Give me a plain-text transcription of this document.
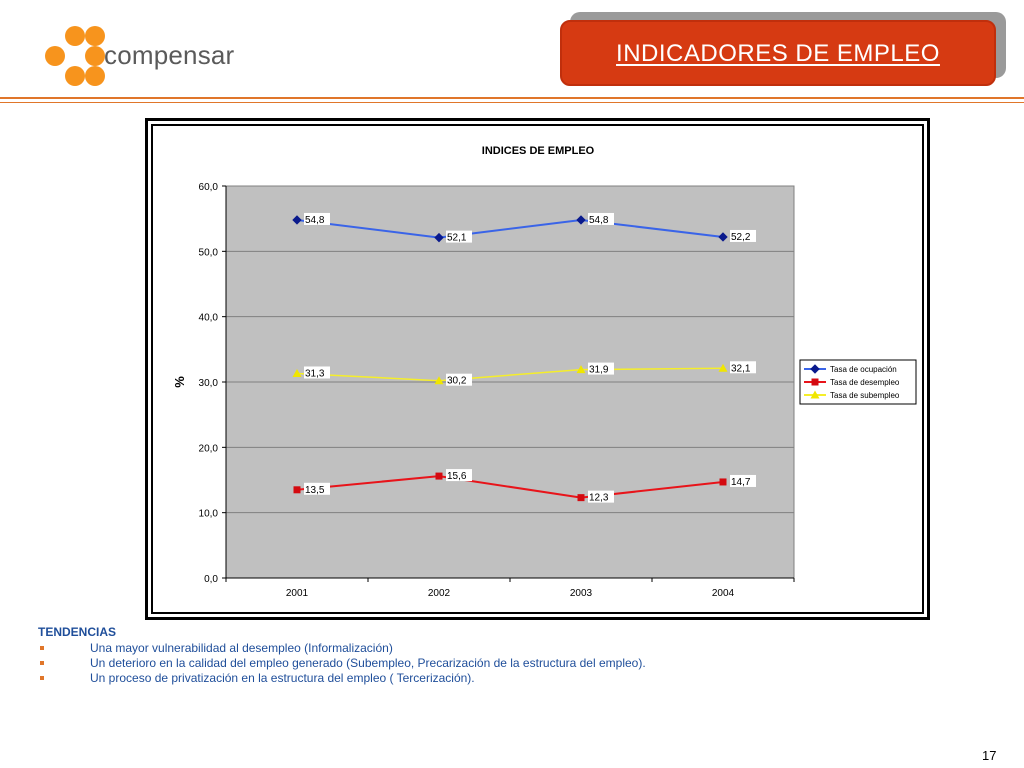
compensar	INDICADORES DE EMPLEO
INDICES DE EMPLEO
%
0,0
10,0
20,0
30,0
40,0
50,0
60,0
2001	2002	2003	2004
54,8
52,1
54,8
52,2
13,5
15,6
12,3
14,7
31,3
30,2
31,9	32,1	Tasa de ocupación
Tasa de desempleo
Tasa de subempleo
TENDENCIAS
Una mayor vulnerabilidad al desempleo (Informalización)
Un deterioro en la calidad del empleo generado (Subempleo, Precarización de la estructura del empleo).
Un proceso de privatización en la estructura del empleo ( Tercerización).
17
